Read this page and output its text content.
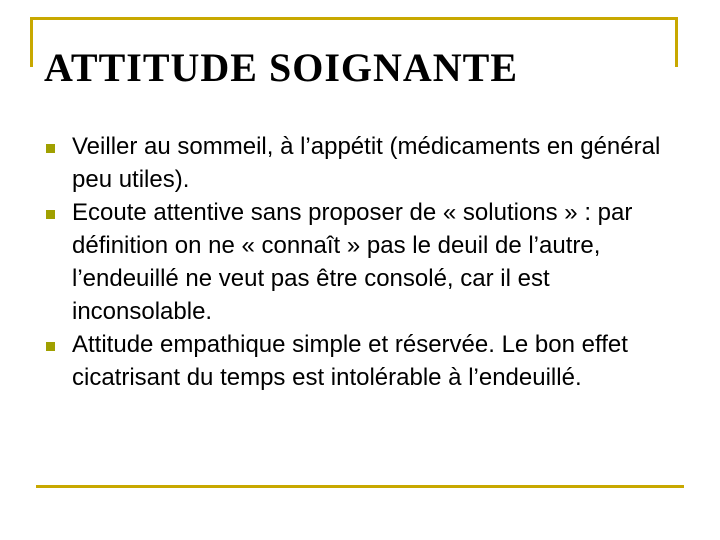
ATTITUDE SOIGNANTE
Veiller au sommeil, à l’appétit (médicaments en général peu utiles).
Ecoute attentive sans proposer de « solutions » : par définition on ne « connaît » pas le deuil de l’autre, l’endeuillé ne veut pas être consolé, car il est inconsolable.
Attitude empathique simple et réservée. Le bon effet cicatrisant du temps est intolérable à l’endeuillé.
